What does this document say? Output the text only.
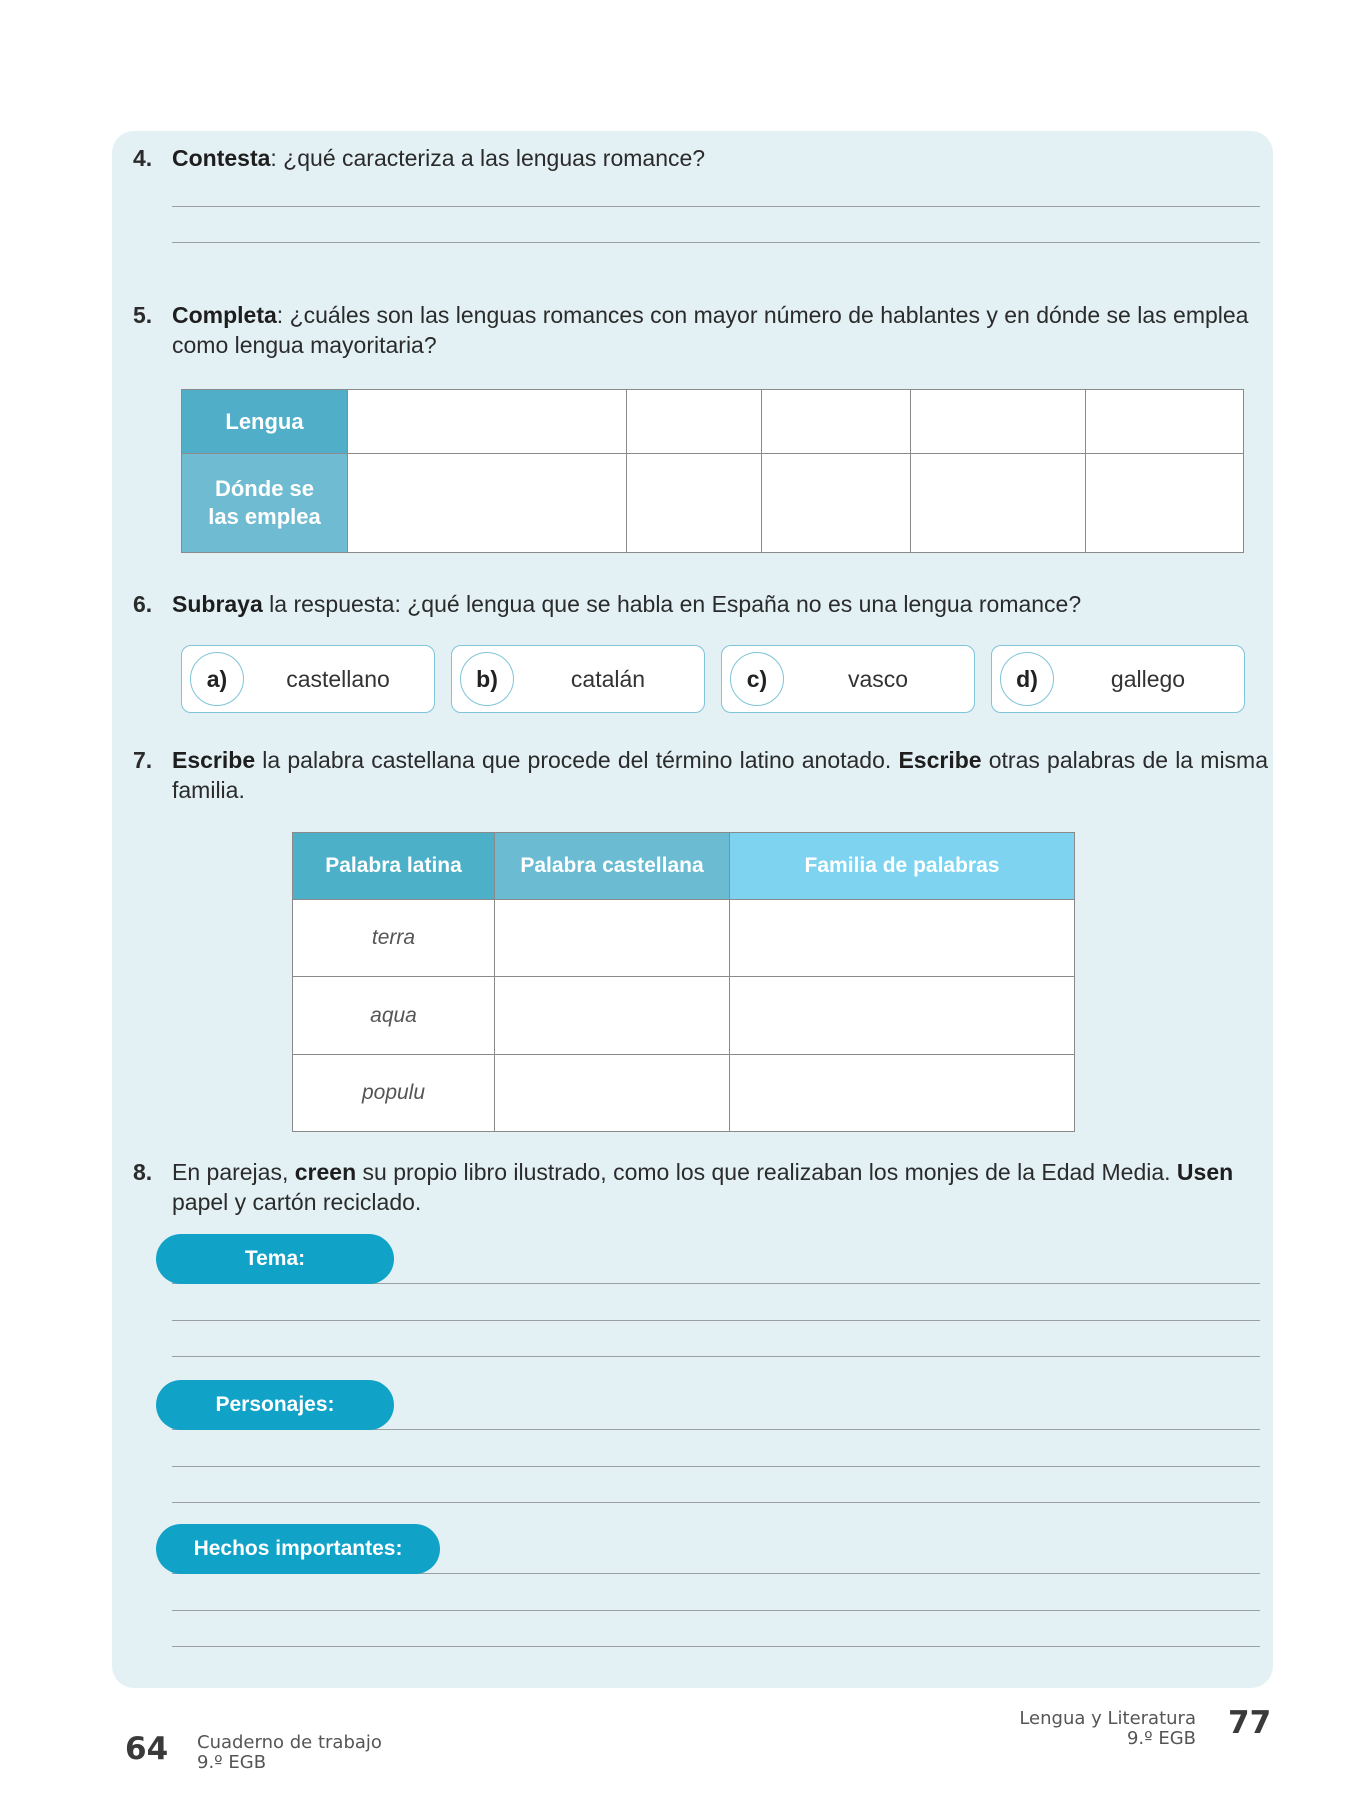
4. Contesta: ¿qué caracteriza a las lenguas romance?
5. Completa: ¿cuáles son las lenguas romances con mayor número de hablantes y en dónde se las emplea como lengua mayoritaria?
Lengua					

Dónde se las emplea					

6. Subraya la respuesta: ¿qué lengua que se habla en España no es una lengua romance?
a)	castellano	b)	catalán	c)	vasco	d)	gallego
7. Escribe la palabra castellana que procede del término latino anotado. Escribe otras palabras de la misma familia.
Palabra latina	Palabra castellana	Familia de palabras
terra		
aqua		
populu		
8. En parejas, creen su propio libro ilustrado, como los que realizaban los monjes de la Edad Media. Usen papel y cartón reciclado.
Tema:
Personajes:
Hechos importantes:
64 Cuaderno de trabajo
9.º EGB
Lengua y Literatura
9.º EGB 77
